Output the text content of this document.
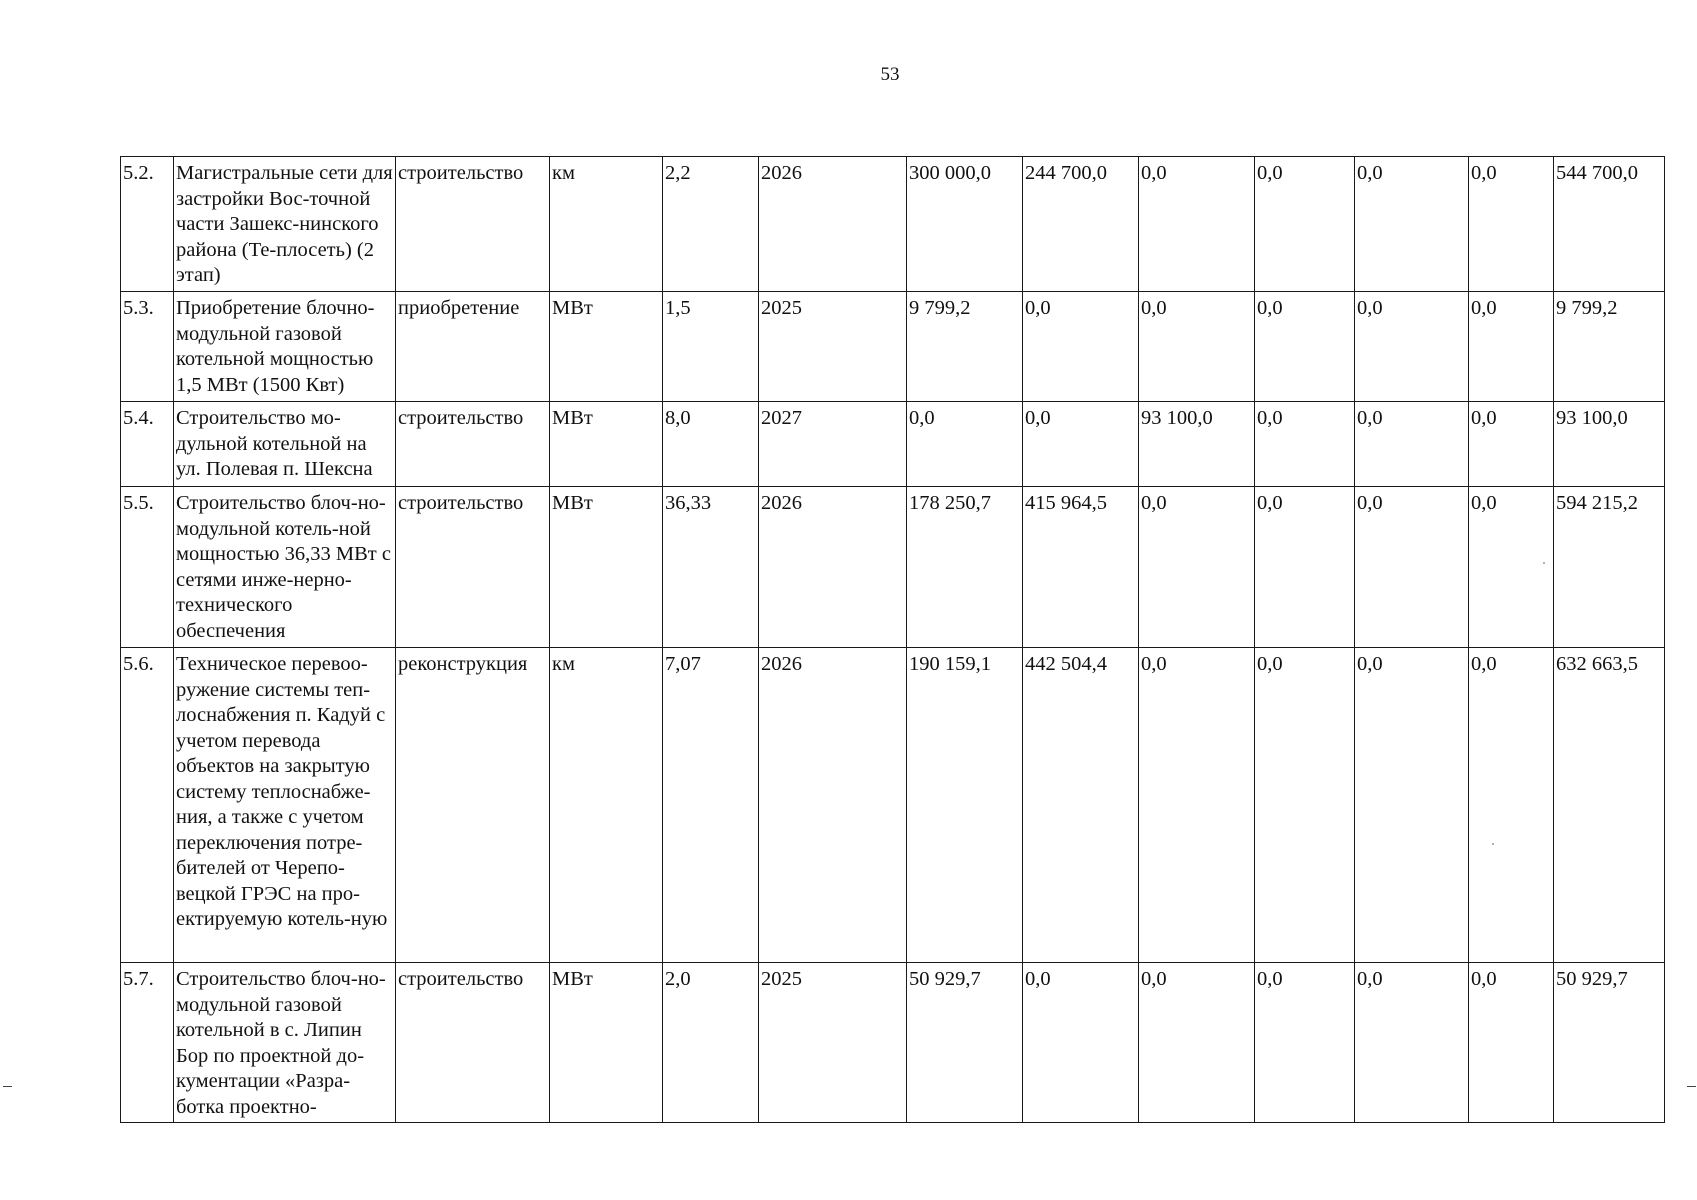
53
5.2.	Магистральные сети для застройки Вос-точной части Зашекс-нинского района (Те-плосеть) (2 этап)	строительство	км	2,2	2026	300 000,0	244 700,0	0,0	0,0	0,0	0,0	544 700,0
5.3.	Приобретение блочно-модульной газовой котельной мощностью 1,5 МВт (1500 Квт)	приобретение	МВт	1,5	2025	9 799,2	0,0	0,0	0,0	0,0	0,0	9 799,2
5.4.	Строительство мо-дульной котельной на ул. Полевая п. Шексна	строительство	МВт	8,0	2027	0,0	0,0	93 100,0	0,0	0,0	0,0	93 100,0
5.5.	Строительство блоч-но-модульной котель-ной мощностью 36,33 МВт с сетями инже-нерно-технического обеспечения	строительство	МВт	36,33	2026	178 250,7	415 964,5	0,0	0,0	0,0	0,0	594 215,2
5.6.	Техническое перевоо-ружение системы теп-лоснабжения п. Кадуй с учетом перевода объектов на закрытую систему теплоснабже-ния, а также с учетом переключения потре-бителей от Черепо-вецкой ГРЭС на про-ектируемую котель-ную	реконструкция	км	7,07	2026	190 159,1	442 504,4	0,0	0,0	0,0	0,0	632 663,5
5.7.	Строительство блоч-но-модульной газовой котельной в с. Липин Бор по проектной до-кументации «Разра-ботка проектно-	строительство	МВт	2,0	2025	50 929,7	0,0	0,0	0,0	0,0	0,0	50 929,7
